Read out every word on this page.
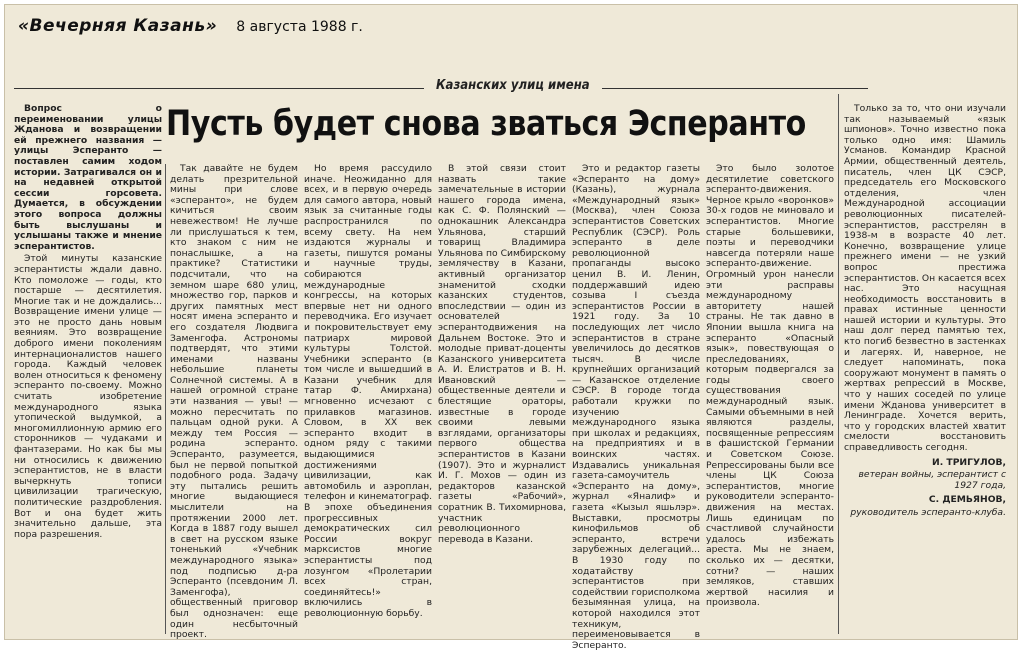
«Вечерняя Казань» 8 августа 1988 г.
Казанских улиц имена
Пусть будет снова зваться Эсперанто

Вопрос о переименовании улицы Жданова и возвращении ей прежнего названия — улицы Эсперанто — поставлен самим ходом истории. Затрагивался он и на недавней открытой сессии горсовета. Думается, в обсуждении этого вопроса должны быть выслушаны и услышаны также и мнение эсперантистов.

Этой минуты казанские эсперантисты ждали давно. Кто помоложе — годы, кто постарше — десятилетия. Многие так и не дождались... Возвращение имени улице — это не просто дань новым веяниям. Это возвращение доброго имени поколениям интернационалистов нашего города. Каждый человек волен относиться к феномену эсперанто по-своему. Можно считать изобретение международного языка утопической выдумкой, а многомиллионную армию его сторонников — чудаками и фантазерами. Но как бы мы ни относились к движению эсперантистов, не в власти вычеркнуть топиcи цивилизации трагическую, политические раздробления. Вот и она будет жить значительно дальше, эта пора разрешения.

Так давайте не будем делать презрительной мины при слове «эсперанто», не будем кичиться своим невежеством! Не лучше ли прислушаться к тем, кто знаком с ним не понаслышке, а на практике? Статистики подсчитали, что на земном шаре 680 улиц, множество гор, парков и других памятных мест носят имена эсперанто и его создателя Людвига Заменгофа. Астрономы подтвердят, что этими именами названы небольшие планеты Солнечной системы. А в нашей огромной стране эти названия — увы! — можно пересчитать по пальцам одной руки. А между тем Россия — родина эсперанто. Эсперанто, разумеется, был не первой попыткой подобного рода. Задачу эту пытались решить многие выдающиеся мыслители на протяжении 2000 лет. Когда в 1887 году вышел в свет на русском языке тоненький «Учебник международного языка» под подписью д-ра Эсперанто (псевдоним Л. Заменгофа), общественный приговор был однозначен: еще один несбыточный проект.

Но время рассудило иначе. Неожиданно для всех, и в первую очередь для самого автора, новый язык за считанные годы распространился по всему свету. На нем издаются журналы и газеты, пишутся романы и научные труды, собираются международные конгрессы, на которых впервые нет ни одного переводчика. Его изучает и покровительствует ему патриарх мировой культуры Толстой. Учебники эсперанто (в том числе и вышедший в Казани учебник для татар Ф. Амирхана) мгновенно исчезают с прилавков магазинов. Словом, в XX век эсперанто входит в одном ряду с такими выдающимися достижениями цивилизации, как автомобиль и аэроплан, телефон и кинематограф. В эпохе объединения прогрессивных демократических сил России вокруг марксистов многие эсперантисты под лозунгом «Пролетарии всех стран, соединяйтесь!» включились в революционную борьбу.

В этой связи стоит назвать такие замечательные в истории нашего города имена, как С. Ф. Полянский — однокашник Александра Ульянова, старший товарищ Владимира Ульянова по Симбирскому землячеству в Казани, активный организатор знаменитой сходки казанских студентов, впоследствии — один из основателей эсперантодвижения на Дальнем Востоке. Это и молодые приват-доценты Казанского университета А. И. Елистратов и В. Н. Ивановский — общественные деятели и блестящие ораторы, известные в городе своими левыми взглядами, организаторы первого общества эсперантистов в Казани (1907). Это и журналист И. Г. Мохов — один из редакторов казанской газеты «Рабочий», соратник В. Тихомирнова, участник революционного перевода в Казани.

Это и редактор газеты «Эсперанто на дому» (Казань), журнала «Международный язык» (Москва), член Союза эсперантистов Советских Республик (СЭСР). Роль эсперанто в деле революционной пропаганды высоко ценил В. И. Ленин, поддержавший идею созыва I съезда эсперантистов России в 1921 году. За 10 последующих лет число эсперантистов в стране увеличилось до десятков тысяч. В числе крупнейших организаций — Казанское отделение СЭСР. В городе тогда работали кружки по изучению международного языка при школах и редакциях, на предприятиях и в воинских частях. Издавались уникальная газета-самоучитель «Эсперанто на дому», журнал «Яналиф» и газета «Кызыл яшьлэр». Выставки, просмотры кинофильмов об эсперанто, встречи зарубежных делегаций... В 1930 году по ходатайству эсперантистов при содействии горисполкома безымянная улица, на которой находился этот техникум, переименовывается в Эсперанто.

Это было золотое десятилетие советского эсперанто-движения. Черное крыло «воронков» 30-х годов не миновало и эсперантистов. Многие старые большевики, поэты и переводчики навсегда потеряли наше эсперанто-движение. Огромный урон нанесли эти расправы международному авторитету нашей страны. Не так давно в Японии вышла книга на эсперанто «Опасный язык», повествующая о преследованиях, которым подвергался за годы своего существования международный язык. Самыми объемными в ней являются разделы, посвященные репрессиям в фашистской Германии и Советском Союзе. Репрессированы были все члены ЦК Союза эсперантистов, многие руководители эсперанто-движения на местах. Лишь единицам по счастливой случайности удалось избежать ареста. Мы не знаем, сколько их — десятки, сотни? — наших земляков, ставших жертвой насилия и произвола.

Только за то, что они изучали так называемый «язык шпионов». Точно известно пока только одно имя: Шамиль Усманов. Командир Красной Армии, общественный деятель, писатель, член ЦК СЭСР, председатель его Московского отделения, член Международной ассоциации революционных писателей-эсперантистов, расстрелян в 1938-м в возрасте 40 лет. Конечно, возвращение улице прежнего имени — не узкий вопрос престижа эсперантистов. Он касается всех нас. Это насущная необходимость восстановить в правах истинные ценности нашей истории и культуры. Это наш долг перед памятью тех, кто погиб безвестно в застенках и лагерях. И, наверное, не следует напоминать, пока сооружают монумент в память о жертвах репрессий в Москве, что у наших соседей по улице имени Жданова университет в Ленинграде. Хочется верить, что у городских властей хватит смелости восстановить справедливость сегодня.

И. ТРИГУЛОВ,

ветеран войны, эсперантист с 1927 года,

С. ДЕМЬЯНОВ,

руководитель эсперанто-клуба.
